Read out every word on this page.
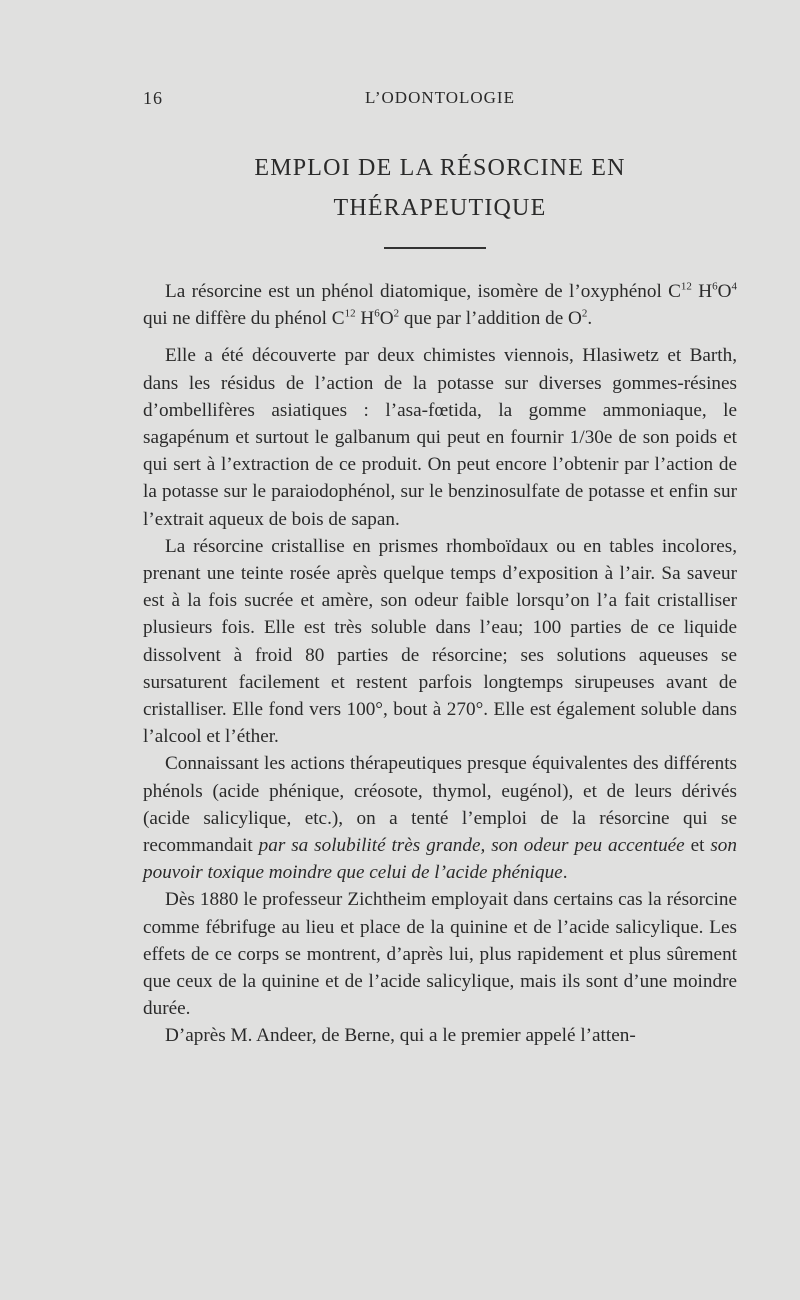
16	L’ODONTOLOGIE
EMPLOI DE LA RÉSORCINE EN
THÉRAPEUTIQUE

La résorcine est un phénol diatomique, isomère de l’oxyphénol $C^{12}$ $H^6O^4$ qui ne diffère du phénol $C^{12}$ $H^6O^2$ que par l’addition de $O^2$.

Elle a été découverte par deux chimistes viennois, Hlasiwetz et Barth, dans les résidus de l’action de la potasse sur diverses gommes-résines d’ombellifères asiatiques : l’asa-fœtida, la gomme ammoniaque, le sagapénum et surtout le galbanum qui peut en fournir 1/30e de son poids et qui sert à l’extraction de ce produit. On peut encore l’obtenir par l’action de la potasse sur le paraiodophénol, sur le benzinosulfate de potasse et enfin sur l’extrait aqueux de bois de sapan.

La résorcine cristallise en prismes rhomboïdaux ou en tables incolores, prenant une teinte rosée après quelque temps d’exposition à l’air. Sa saveur est à la fois sucrée et amère, son odeur faible lorsqu’on l’a fait cristalliser plusieurs fois. Elle est très soluble dans l’eau; 100 parties de ce liquide dissolvent à froid 80 parties de résorcine; ses solutions aqueuses se sursaturent facilement et restent parfois longtemps sirupeuses avant de cristalliser. Elle fond vers 100°, bout à 270°. Elle est également soluble dans l’alcool et l’éther.

Connaissant les actions thérapeutiques presque équivalentes des différents phénols (acide phénique, créosote, thymol, eugénol), et de leurs dérivés (acide salicylique, etc.), on a tenté l’emploi de la résorcine qui se recommandait par sa solubilité très grande, son odeur peu accentuée et son pouvoir toxique moindre que celui de l’acide phénique.

Dès 1880 le professeur Zichtheim employait dans certains cas la résorcine comme fébrifuge au lieu et place de la quinine et de l’acide salicylique. Les effets de ce corps se montrent, d’après lui, plus rapidement et plus sûrement que ceux de la quinine et de l’acide salicylique, mais ils sont d’une moindre durée.

D’après M. Andeer, de Berne, qui a le premier appelé l’atten-
